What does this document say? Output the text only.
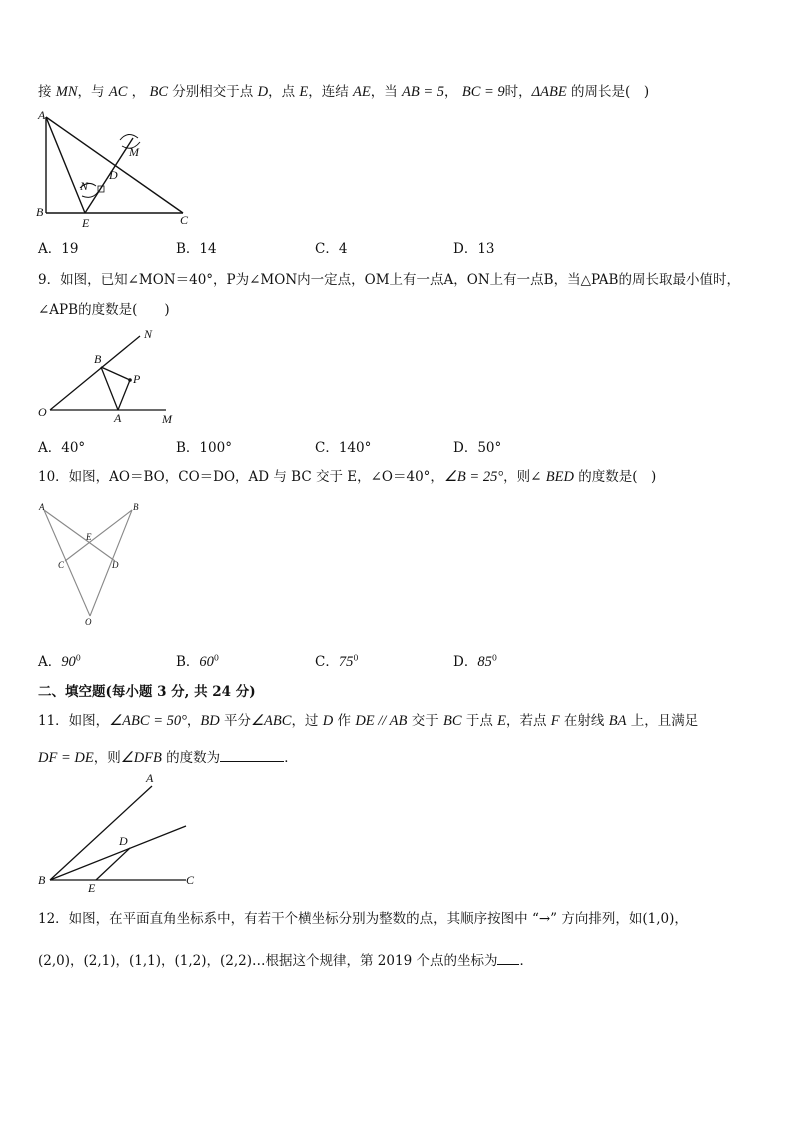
接 MN，与 AC ， BC 分别相交于点 D，点 E，连结 AE，当 AB = 5， BC = 9时，ΔABE 的周长是(　)
A
B
C
D
E
M
N
A．19	B．14	C．4	D．13
9．如图，已知∠MON＝40°，P为∠MON内一定点，OM上有一点A，ON上有一点B，当△PAB的周长取最小值时，
∠APB的度数是(　　)
O	M
N
B
P
A
A．40°	B．100°	C．140°	D．50°
10．如图，AO＝BO，CO＝DO，AD 与 BC 交于 E，∠O＝40°，∠B = 25°，则∠ BED 的度数是(　)
A	B
E
C	D
O
A．$90^0$	B．$60^0$	C．$75^0$	D．$85^0$
二、填空题(每小题 3 分, 共 24 分)
11．如图，∠ABC = 50°，BD 平分∠ABC，过 D 作 DE // AB 交于 BC 于点 E，若点 F 在射线 BA 上，且满足
DF = DE，则∠DFB 的度数为	．
A
D
B
E
C
12．如图，在平面直角坐标系中，有若干个横坐标分别为整数的点，其顺序按图中 “→” 方向排列，如(1,0)，
(2,0)，(2,1)，(1,1)，(1,2)，(2,2)…根据这个规律，第 2019 个点的坐标为 ．
